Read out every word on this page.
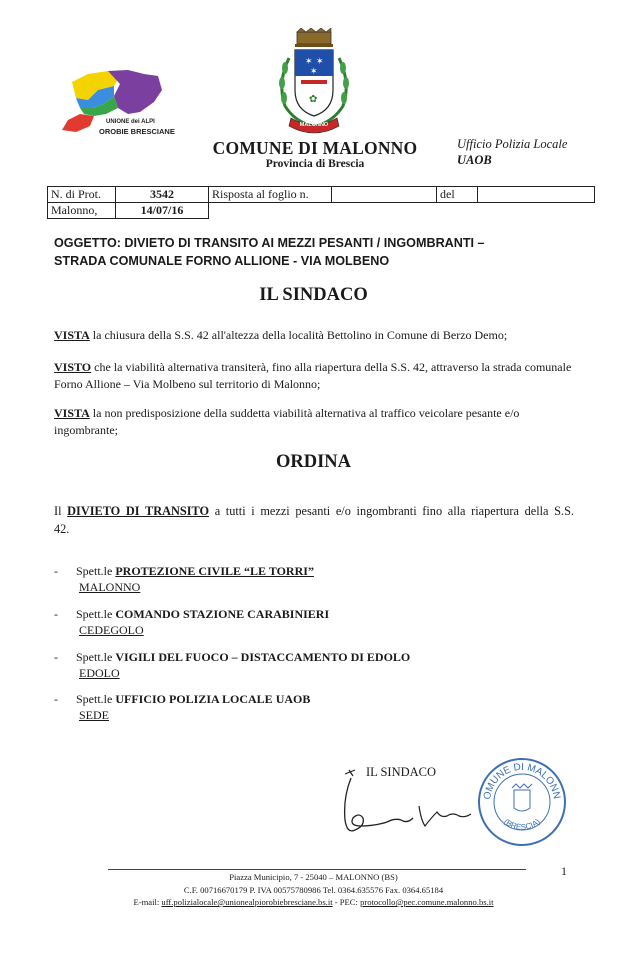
UNIONE dei ALPI
OROBIE BRESCIANE
✶ ✶
✶
✿
MALONNO
COMUNE DI MALONNO
Provincia di Brescia
Ufficio Polizia Locale
UAOB
N. di Prot.	3542	Risposta al foglio n.		del	
Malonno,	14/07/16				
OGGETTO: DIVIETO DI TRANSITO AI MEZZI PESANTI / INGOMBRANTI –
STRADA COMUNALE FORNO ALLIONE - VIA MOLBENO
IL SINDACO
VISTA la chiusura della S.S. 42 all'altezza della località Bettolino in Comune di Berzo Demo;
VISTO che la viabilità alternativa transiterà, fino alla riapertura della S.S. 42, attraverso la strada comunale Forno Allione – Via Molbeno sul territorio di Malonno;
VISTA la non predisposizione della suddetta viabilità alternativa al traffico veicolare pesante e/o ingombrante;
ORDINA
Il DIVIETO DI TRANSITO a tutti i mezzi pesanti e/o ingombranti fino alla riapertura della S.S. 42.
- Spett.le PROTEZIONE CIVILE “LE TORRI”
MALONNO
- Spett.le COMANDO STAZIONE CARABINIERI
CEDEGOLO
- Spett.le VIGILI DEL FUOCO – DISTACCAMENTO DI EDOLO
EDOLO
- Spett.le UFFICIO POLIZIA LOCALE UAOB
SEDE
IL SINDACO
OMUNE DI MALONN
(BRESCIA)
1
Piazza Municipio, 7 - 25040 – MALONNO (BS)
C.F. 00716670179 P. IVA 00575780986 Tel. 0364.635576 Fax. 0364.65184
E-mail: uff.polizialocale@unionealpiorobiebresciane.bs.it - PEC: protocollo@pec.comune.malonno.bs.it
